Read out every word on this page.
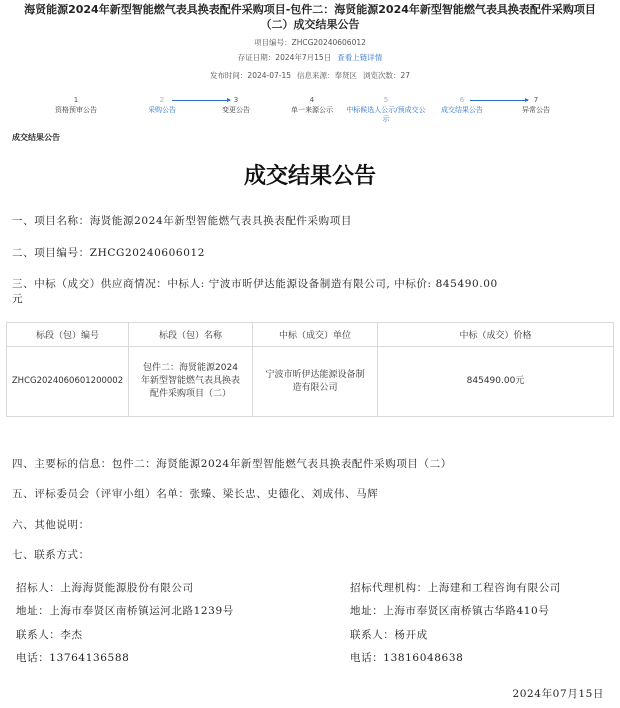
海贤能源2024年新型智能燃气表具换表配件采购项目-包件二：海贤能源2024年新型智能燃气表具换表配件采购项目（二）成交结果公告
项目编号：ZHCG20240606012
存证日期：2024年7月15日 查看上链详情
发布时间：2024-07-15 信息来源：奉贤区 浏览次数：27
1
资格预审公告
2
采购公告
3
变更公告
4
单一来源公示
5
中标候选人公示/预成交公示
6
成交结果公告
7
异常公告
成交结果公告
成交结果公告
一、项目名称：海贤能源2024年新型智能燃气表具换表配件采购项目
二、项目编号：ZHCG20240606012
三、中标（成交）供应商情况：中标人: 宁波市昕伊达能源设备制造有限公司, 中标价: 845490.00
元
标段（包）编号	标段（包）名称	中标（成交）单位	中标（成交）价格
ZHCG2024060601200002	包件二：海贤能源2024年新型智能燃气表具换表配件采购项目（二）	宁波市昕伊达能源设备制造有限公司	845490.00元
四、主要标的信息：包件二：海贤能源2024年新型智能燃气表具换表配件采购项目（二）
五、评标委员会（评审小组）名单：张臻、梁长忠、史德化、刘成伟、马辉
六、其他说明：
七、联系方式：
招标人：上海海贤能源股份有限公司
地址：上海市奉贤区南桥镇运河北路1239号
联系人：李杰
电话：13764136588
招标代理机构：上海建和工程咨询有限公司
地址：上海市奉贤区南桥镇古华路410号
联系人：杨开成
电话：13816048638
2024年07月15日
